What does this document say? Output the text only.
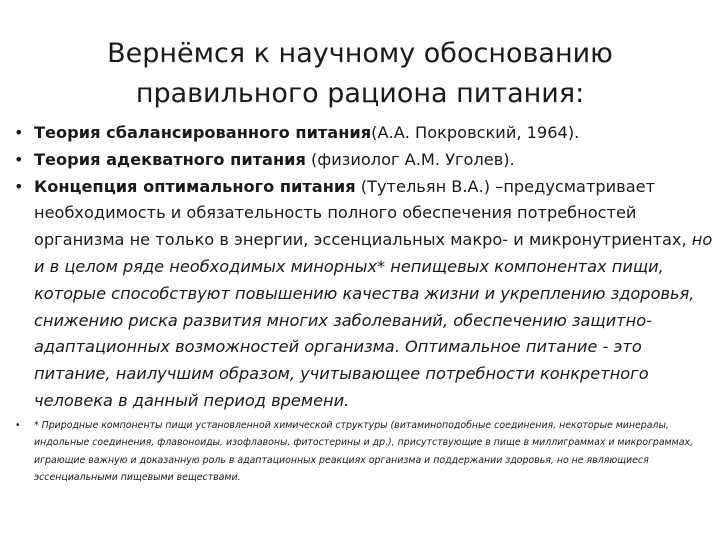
Вернёмся к научному обоснованию
правильного рациона питания:
• Теория сбалансированного питания(А.А. Покровский, 1964).
• Теория адекватного питания (физиолог А.М. Уголев).
• Концепция оптимального питания (Тутельян В.А.) –предусматривает необходимость и обязательность полного обеспечения потребностей организма не только в энергии, эссенциальных макро- и микронутриентах, но и в целом ряде необходимых минорных* непищевых компонентах пищи, которые способствуют повышению качества жизни и укреплению здоровья, снижению риска развития многих заболеваний, обеспечению защитно-адаптационных возможностей организма. Оптимальное питание - это питание, наилучшим образом, учитывающее потребности конкретного человека в данный период времени.
• * Природные компоненты пищи установленной химической структуры (витаминоподобные соединения, некоторые минералы, индольные соединения, флавоноиды, изофлавоны, фитостерины и др.), присутствующие в пище в миллиграммах и микрограммах, играющие важную и доказанную роль в адаптационных реакциях организма и поддержании здоровья, но не являющиеся эссенциальными пищевыми веществами.
